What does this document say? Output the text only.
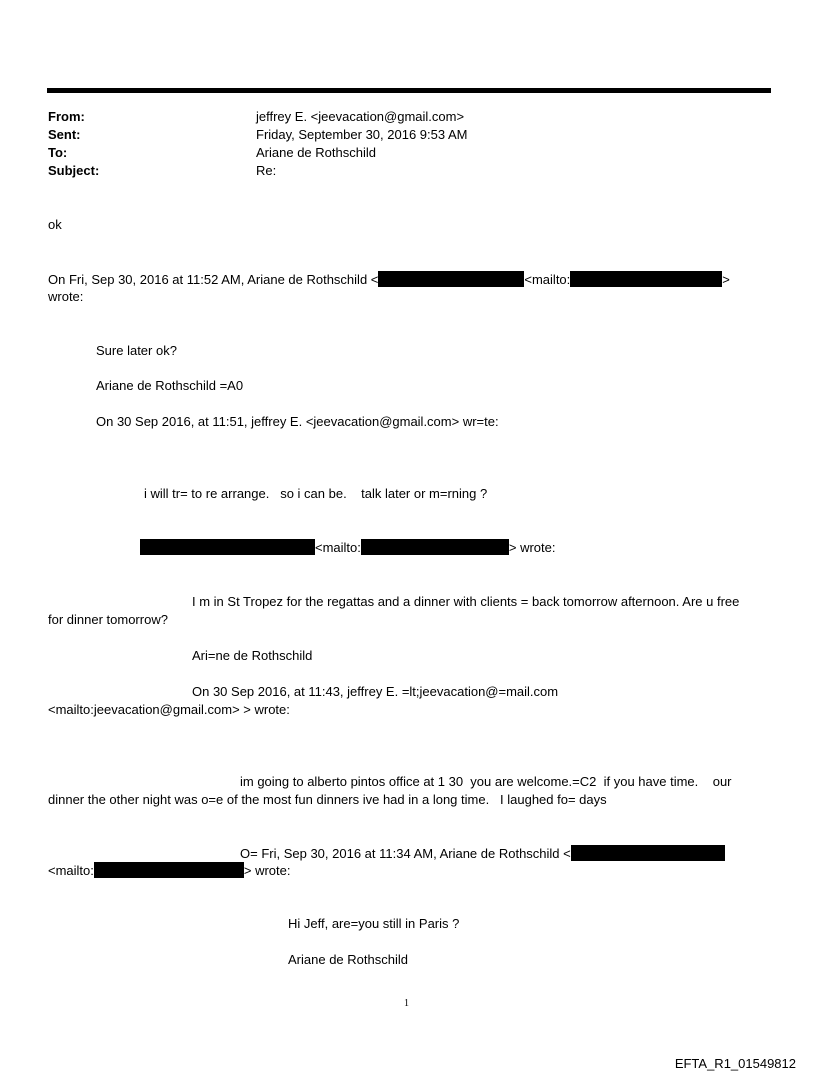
From:	jeffrey E. <jeevacation@gmail.com>
Sent:	Friday, September 30, 2016 9:53 AM
To:	Ariane de Rothschild
Subject:	Re:
ok
On Fri, Sep 30, 2016 at 11:52 AM, Ariane de Rothschild <	<mailto:	>
wrote:
Sure later ok?
Ariane de Rothschild =A0
On 30 Sep 2016, at 11:51, jeffrey E. <jeevacation@gmail.com> wr=te:
i will tr= to re arrange.   so i can be.    talk later or m=rning ?
<mailto:	> wrote:
I m in St Tropez for the regattas and a dinner with clients = back tomorrow afternoon. Are u free
for dinner tomorrow?
Ari=ne de Rothschild
On 30 Sep 2016, at 11:43, jeffrey E. =lt;jeevacation@=mail.com
<mailto:jeevacation@gmail.com> > wrote:
im going to alberto pintos office at 1 30  you are welcome.=C2  if you have time.    our
dinner the other night was o=e of the most fun dinners ive had in a long time.   I laughed fo= days
O= Fri, Sep 30, 2016 at 11:34 AM, Ariane de Rothschild <
<mailto:	> wrote:
Hi Jeff, are=you still in Paris ?
Ariane de Rothschild
1
EFTA_R1_01549812
